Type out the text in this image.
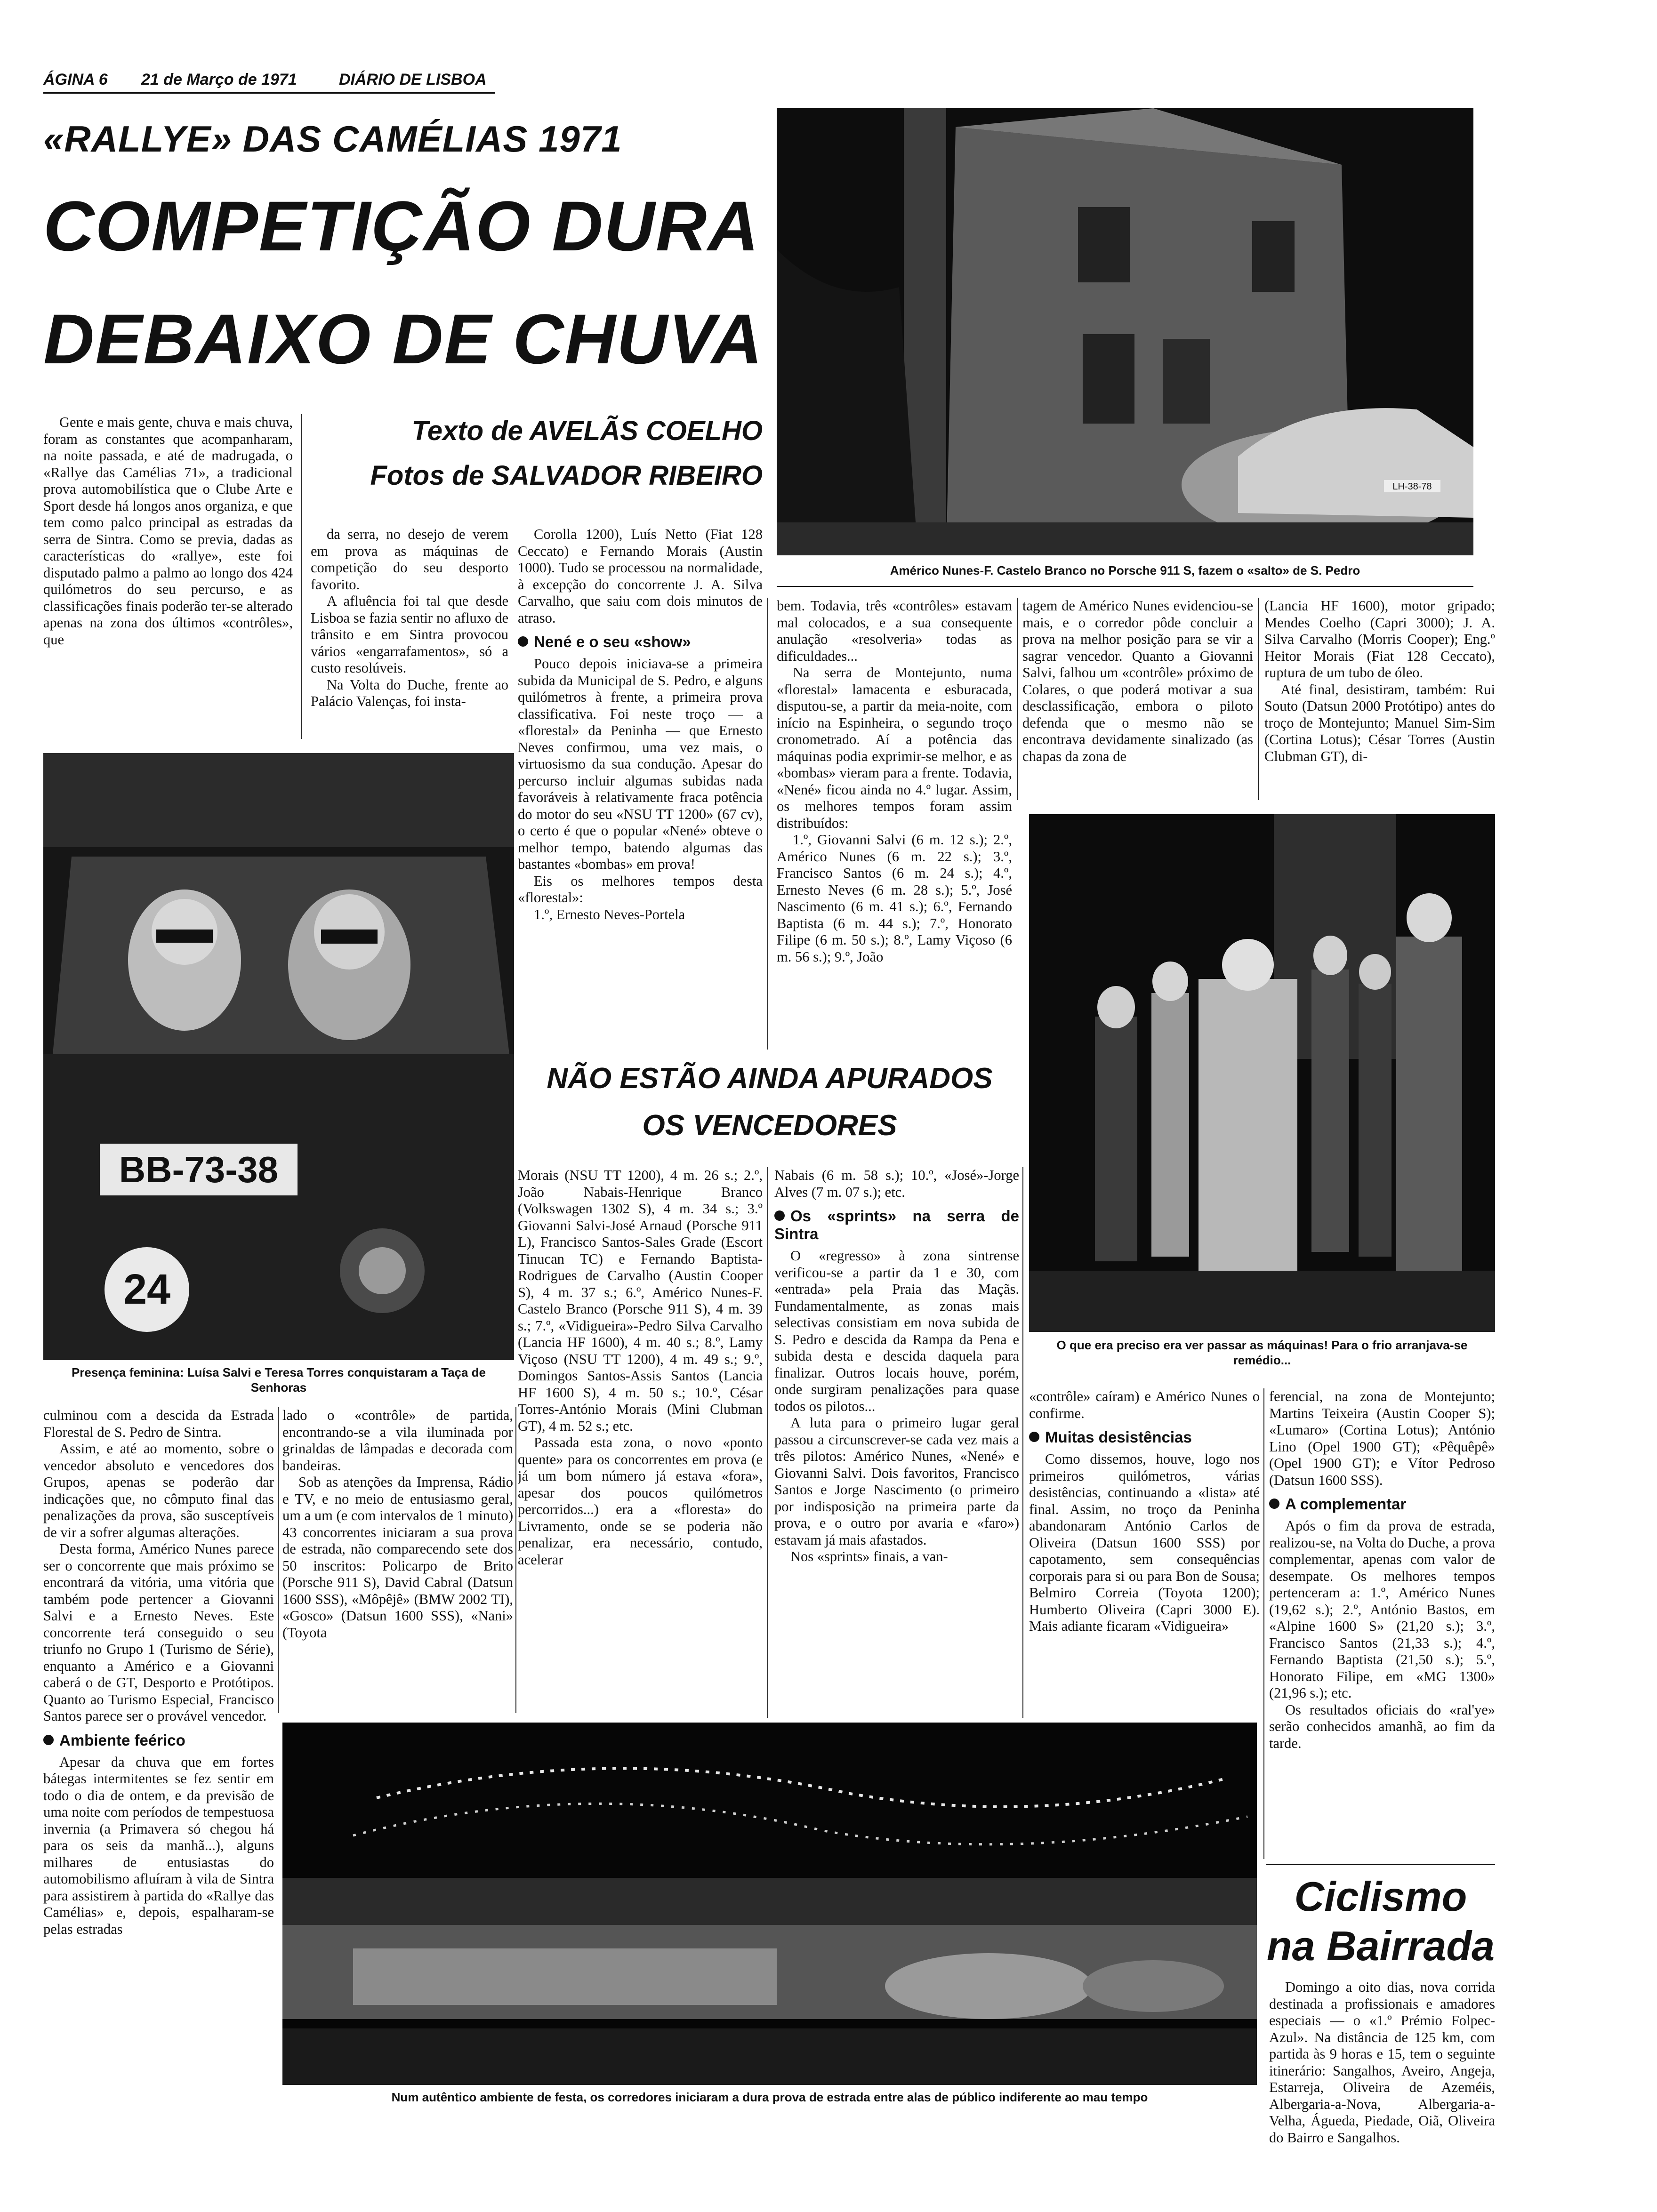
ÁGINA 6 21 de Março de 1971	DIÁRIO DE LISBOA
«RALLYE» DAS CAMÉLIAS 1971
COMPETIÇÃO DURA
DEBAIXO DE CHUVA
Texto de AVELÃS COELHO
Fotos de SALVADOR RIBEIRO

Gente e mais gente, chuva e mais chuva, foram as constantes que acompanharam, na noite passada, e até de madrugada, o «Rallye das Camélias 71», a tradicional prova automobilística que o Clube Arte e Sport desde há longos anos organiza, e que tem como palco principal as estradas da serra de Sintra. Como se previa, dadas as características do «rallye», este foi disputado palmo a palmo ao longo dos 424 quilómetros do seu percurso, e as classificações finais poderão ter-se alterado apenas na zona dos últimos «contrôles», que

da serra, no desejo de verem em prova as máquinas de competição do seu desporto favorito.

A afluência foi tal que desde Lisboa se fazia sentir no afluxo de trânsito e em Sintra provocou vários «engarrafamentos», só a custo resolúveis.

Na Volta do Duche, frente ao Palácio Valenças, foi insta-

Corolla 1200), Luís Netto (Fiat 128 Ceccato) e Fernando Morais (Austin 1000). Tudo se processou na normalidade, à excepção do concorrente J. A. Silva Carvalho, que saiu com dois minutos de atraso.

Nené e o seu «show»

Pouco depois iniciava-se a primeira subida da Municipal de S. Pedro, e alguns quilómetros à frente, a primeira prova classificativa. Foi neste troço — a «florestal» da Peninha — que Ernesto Neves confirmou, uma vez mais, o virtuosismo da sua condução. Apesar do percurso incluir algumas subidas nada favoráveis à relativamente fraca potência do motor do seu «NSU TT 1200» (67 cv), o certo é que o popular «Nené» obteve o melhor tempo, batendo algumas das bastantes «bombas» em prova!

Eis os melhores tempos desta «florestal»:

1.º, Ernesto Neves-Portela

LH-38-78
Américo Nunes-F. Castelo Branco no Porsche 911 S, fazem o «salto» de S. Pedro

bem. Todavia, três «contrôles» estavam mal colocados, e a sua consequente anulação «resolveria» todas as dificuldades...

Na serra de Montejunto, numa «florestal» lamacenta e esburacada, disputou-se, a partir da meia-noite, com início na Espinheira, o segundo troço cronometrado. Aí a potência das máquinas podia exprimir-se melhor, e as «bombas» vieram para a frente. Todavia, «Nené» ficou ainda no 4.º lugar. Assim, os melhores tempos foram assim distribuídos:

1.º, Giovanni Salvi (6 m. 12 s.); 2.º, Américo Nunes (6 m. 22 s.); 3.º, Francisco Santos (6 m. 24 s.); 4.º, Ernesto Neves (6 m. 28 s.); 5.º, José Nascimento (6 m. 41 s.); 6.º, Fernando Baptista (6 m. 44 s.); 7.º, Honorato Filipe (6 m. 50 s.); 8.º, Lamy Viçoso (6 m. 56 s.); 9.º, João

tagem de Américo Nunes evidenciou-se mais, e o corredor pôde concluir a prova na melhor posição para se vir a sagrar vencedor. Quanto a Giovanni Salvi, falhou um «contrôle» próximo de Colares, o que poderá motivar a sua desclassificação, embora o piloto defenda que o mesmo não se encontrava devidamente sinalizado (as chapas da zona de

(Lancia HF 1600), motor gripado; Mendes Coelho (Capri 3000); J. A. Silva Carvalho (Morris Cooper); Eng.º Heitor Morais (Fiat 128 Ceccato), ruptura de um tubo de óleo.

Até final, desistiram, também: Rui Souto (Datsun 2000 Protótipo) antes do troço de Montejunto; Manuel Sim-Sim (Cortina Lotus); César Torres (Austin Clubman GT), di-

BB-73-38
24
Presença feminina: Luísa Salvi e Teresa Torres conquistaram a Taça de Senhoras
O que era preciso era ver passar as máquinas! Para o frio arranjava-se remédio...
NÃO ESTÃO AINDA APURADOS
OS VENCEDORES

Morais (NSU TT 1200), 4 m. 26 s.; 2.º, João Nabais-Henrique Branco (Volkswagen 1302 S), 4 m. 34 s.; 3.º Giovanni Salvi-José Arnaud (Porsche 911 L), Francisco Santos-Sales Grade (Escort Tinucan TC) e Fernando Baptista-Rodrigues de Carvalho (Austin Cooper S), 4 m. 37 s.; 6.º, Américo Nunes-F. Castelo Branco (Porsche 911 S), 4 m. 39 s.; 7.º, «Vidigueira»-Pedro Silva Carvalho (Lancia HF 1600), 4 m. 40 s.; 8.º, Lamy Viçoso (NSU TT 1200), 4 m. 49 s.; 9.º, Domingos Santos-Assis Santos (Lancia HF 1600 S), 4 m. 50 s.; 10.º, César Torres-António Morais (Mini Clubman GT), 4 m. 52 s.; etc.

Passada esta zona, o novo «ponto quente» para os concorrentes em prova (e já um bom número já estava «fora», apesar dos poucos quilómetros percorridos...) era a «floresta» do Livramento, onde se se poderia não penalizar, era necessário, contudo, acelerar

Nabais (6 m. 58 s.); 10.º, «José»-Jorge Alves (7 m. 07 s.); etc.

Os «sprints» na serra de Sintra

O «regresso» à zona sintrense verificou-se a partir da 1 e 30, com «entrada» pela Praia das Maçãs. Fundamentalmente, as zonas mais selectivas consistiam em nova subida de S. Pedro e descida da Rampa da Pena e subida desta e descida daquela para finalizar. Outros locais houve, porém, onde surgiram penalizações para quase todos os pilotos...

A luta para o primeiro lugar geral passou a circunscrever-se cada vez mais a três pilotos: Américo Nunes, «Nené» e Giovanni Salvi. Dois favoritos, Francisco Santos e Jorge Nascimento (o primeiro por indisposição na primeira parte da prova, e o outro por avaria e «faro») estavam já mais afastados.

Nos «sprints» finais, a van-

culminou com a descida da Estrada Florestal de S. Pedro de Sintra.

Assim, e até ao momento, sobre o vencedor absoluto e vencedores dos Grupos, apenas se poderão dar indicações que, no cômputo final das penalizações da prova, são susceptíveis de vir a sofrer algumas alterações.

Desta forma, Américo Nunes parece ser o concorrente que mais próximo se encontrará da vitória, uma vitória que também pode pertencer a Giovanni Salvi e a Ernesto Neves. Este concorrente terá conseguido o seu triunfo no Grupo 1 (Turismo de Série), enquanto a Américo e a Giovanni caberá o de GT, Desporto e Protótipos. Quanto ao Turismo Especial, Francisco Santos parece ser o provável vencedor.

Ambiente feérico

Apesar da chuva que em fortes bátegas intermitentes se fez sentir em todo o dia de ontem, e da previsão de uma noite com períodos de tempestuosa invernia (a Primavera só chegou há para os seis da manhã...), alguns milhares de entusiastas do automobilismo afluíram à vila de Sintra para assistirem à partida do «Rallye das Camélias» e, depois, espalharam-se pelas estradas

lado o «contrôle» de partida, encontrando-se a vila iluminada por grinaldas de lâmpadas e decorada com bandeiras.

Sob as atenções da Imprensa, Rádio e TV, e no meio de entusiasmo geral, um a um (e com intervalos de 1 minuto) 43 concorrentes iniciaram a sua prova de estrada, não comparecendo sete dos 50 inscritos: Policarpo de Brito (Porsche 911 S), David Cabral (Datsun 1600 SSS), «Môpêjê» (BMW 2002 TI), «Gosco» (Datsun 1600 SSS), «Nani» (Toyota

«contrôle» caíram) e Américo Nunes o confirme.

Muitas desistências

Como dissemos, houve, logo nos primeiros quilómetros, várias desistências, continuando a «lista» até final. Assim, no troço da Peninha abandonaram António Carlos de Oliveira (Datsun 1600 SSS) por capotamento, sem consequências corporais para si ou para Bon de Sousa; Belmiro Correia (Toyota 1200); Humberto Oliveira (Capri 3000 E). Mais adiante ficaram «Vidigueira»

ferencial, na zona de Montejunto; Martins Teixeira (Austin Cooper S); «Lumaro» (Cortina Lotus); António Lino (Opel 1900 GT); «Pêquêpê» (Opel 1900 GT); e Vítor Pedroso (Datsun 1600 SSS).

A complementar

Após o fim da prova de estrada, realizou-se, na Volta do Duche, a prova complementar, apenas com valor de desempate. Os melhores tempos pertenceram a: 1.º, Américo Nunes (19,62 s.); 2.º, António Bastos, em «Alpine 1600 S» (21,20 s.); 3.º, Francisco Santos (21,33 s.); 4.º, Fernando Baptista (21,50 s.); 5.º, Honorato Filipe, em «MG 1300» (21,96 s.); etc.

Os resultados oficiais do «ral'ye» serão conhecidos amanhã, ao fim da tarde.

Num autêntico ambiente de festa, os corredores iniciaram a dura prova de estrada entre alas de público indiferente ao mau tempo
Ciclismo
na Bairrada

Domingo a oito dias, nova corrida destinada a profissionais e amadores especiais — o «1.º Prémio Folpec-Azul». Na distância de 125 km, com partida às 9 horas e 15, tem o seguinte itinerário: Sangalhos, Aveiro, Angeja, Estarreja, Oliveira de Azeméis, Albergaria-a-Nova, Albergaria-a-Velha, Águeda, Piedade, Oiã, Oliveira do Bairro e Sangalhos.
